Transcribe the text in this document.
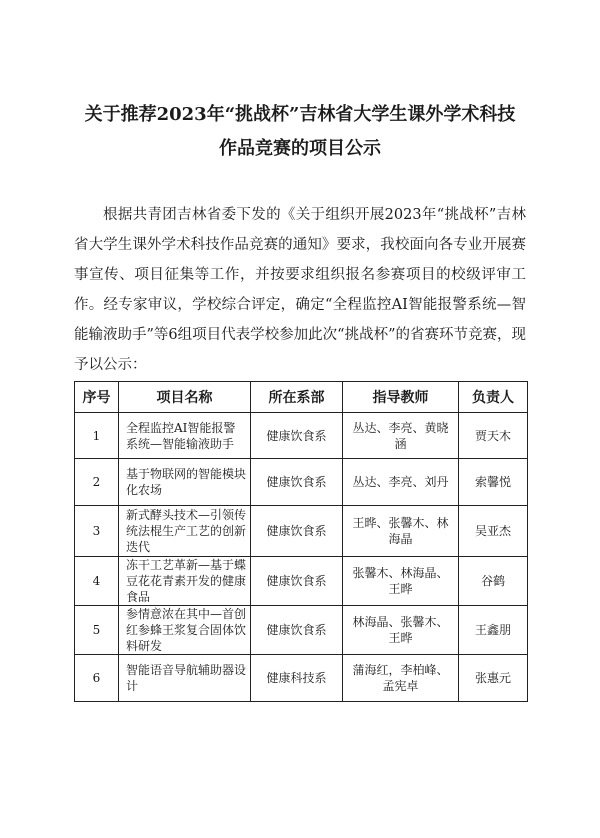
关于推荐2023年“挑战杯”吉林省大学生课外学术科技
作品竞赛的项目公示

根据共青团吉林省委下发的《关于组织开展2023年“挑战杯”吉林省大学生课外学术科技作品竞赛的通知》要求，我校面向各专业开展赛事宣传、项目征集等工作，并按要求组织报名参赛项目的校级评审工作。经专家审议，学校综合评定，确定“全程监控AI智能报警系统—智能输液助手”等6组项目代表学校参加此次“挑战杯”的省赛环节竞赛，现予以公示：

序号	项目名称	所在系部	指导教师	负责人
1	全程监控AI智能报警系统—智能输液助手	健康饮食系	丛达、李亮、黄晓涵	贾天木
2	基于物联网的智能模块化农场	健康饮食系	丛达、李亮、刘丹	索馨悦
3	新式酵头技术—引领传统法棍生产工艺的创新迭代	健康饮食系	王晔、张馨木、林海晶	吴亚杰
4	冻干工艺革新—基于蝶豆花花青素开发的健康食品	健康饮食系	张馨木、林海晶、王晔	谷鹤
5	参情意浓在其中—首创红参蜂王浆复合固体饮料研发	健康饮食系	林海晶、张馨木、王晔	王鑫朋
6	智能语音导航辅助器设计	健康科技系	蒲海红，李柏峰、孟宪卓	张惠元
